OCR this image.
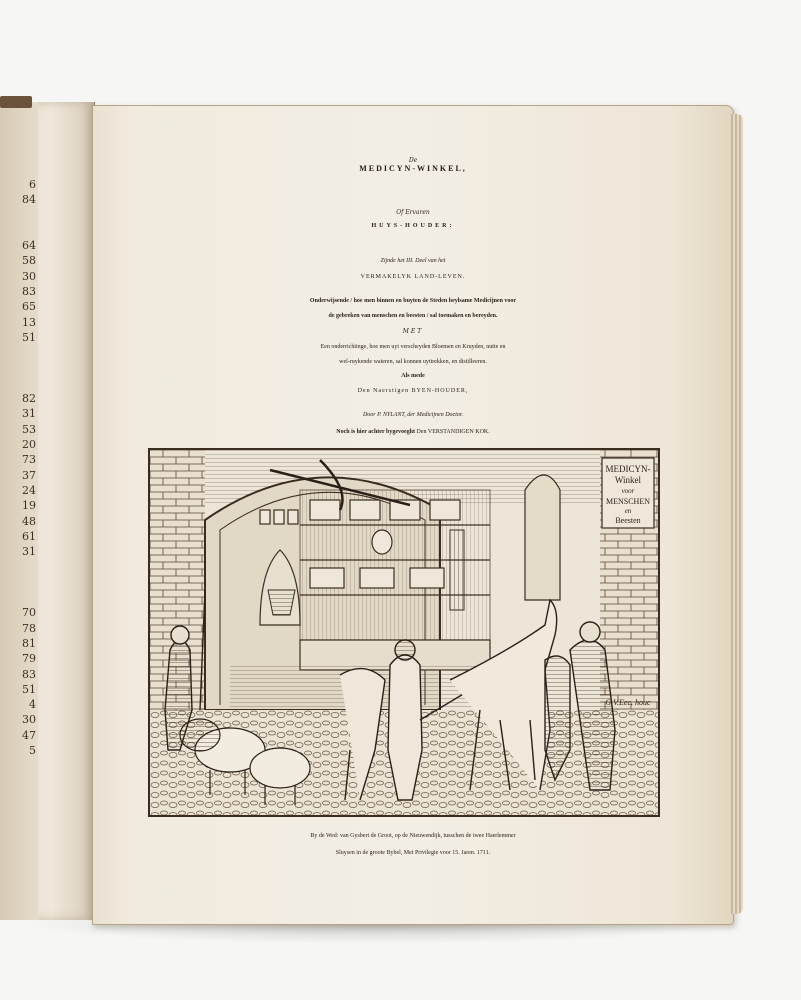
6
84
64
58
30
83
65
13
51
82
31
53
20
73
37
24
19
48
61
31
70
78
81
79
83
51
4
30
47
5
De
MEDICYN-WINKEL,
Of Ervaren
HUYS-HOUDER:
Zijnde het III. Deel van het
VERMAKELYK LAND-LEVEN.
Onderwijsende / hoe men binnen en buyten de Steden heylsame Medicijnen voor
de gebreken van menschen en beesten / sal toemaken en bereyden.
MET
Een onderrichtinge, hoe men uyt verscheyden Bloemen en Kruyden, nutte en
wel-ruykende wateren, sal konnen uyttrekken, en distilleeren.
Als mede
Den Naerstigen BYEN-HOUDER,
Door P. NYLANT, der Medicijnen Doctor.
Noch is hier achter bygevoeght Den VERSTANDIGEN KOK.
MEDICYN-
Winkel
voor
MENSCHEN
en
Beesten
G.V.Eec. houc
By de Wed: van Gysbert de Groot, op de Nieuwendijk, tusschen de twee Haerlemmer
Sluysen in de groote Bybel, Met Privilegie voor 15. Jaren. 1711.
